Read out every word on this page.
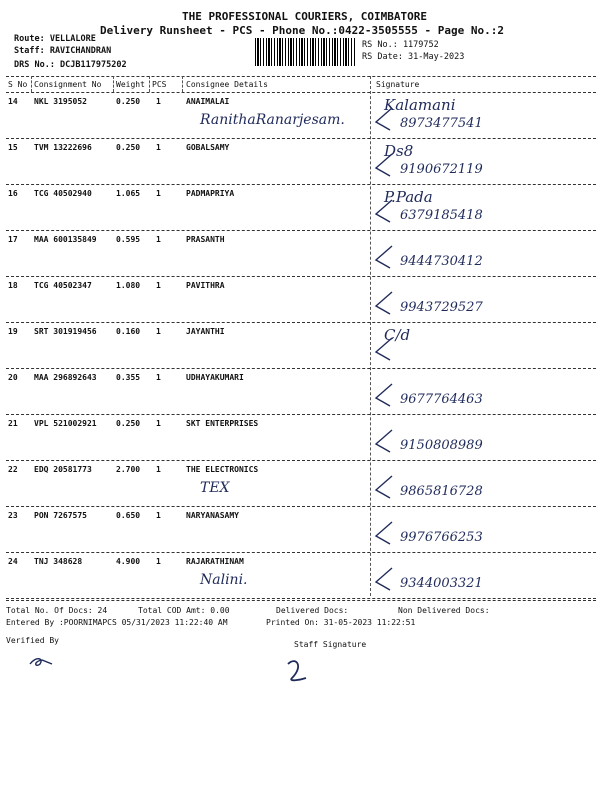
THE PROFESSIONAL COURIERS, COIMBATORE
Delivery Runsheet - PCS - Phone No.:0422-3505555 - Page No.:2
Route: VELLALORE
Staff: RAVICHANDRAN
DRS No.: DCJB117975202
RS No.: 1179752
RS Date: 31-May-2023
S No Consignment No Weight PCS Consignee Details	Signature
14 NKL 3195052	0.250 1	ANAIMALAI
RanithaRanarjesam.
Kalamani
8973477541
15 TVM 13222696	0.250 1	GOBALSAMY	Ds8
9190672119
16 TCG 40502940	1.065 1	PADMAPRIYA	P.Pada
6379185418
17 MAA 600135849 0.595 1	PRASANTH
9444730412
18 TCG 40502347	1.080 1	PAVITHRA
9943729527
19 SRT 301919456 0.160 1	JAYANTHI	C/d
20 MAA 296892643 0.355 1	UDHAYAKUMARI
9677764463
21 VPL 521002921 0.250 1	SKT ENTERPRISES
9150808989
22 EDQ 20581773	2.700 1	THE ELECTRONICS
TEX	9865816728
23 PON 7267575	0.650 1	NARYANASAMY
9976766253
24 TNJ 348628	4.900 1	RAJARATHINAM
Nalini.	9344003321
Total No. Of Docs: 24	Total COD Amt: 0.00	Delivered Docs:	Non Delivered Docs:
Entered By :POORNIMAPCS 05/31/2023 11:22:40 AM	Printed On: 31-05-2023 11:22:51
Verified By	Staff Signature
